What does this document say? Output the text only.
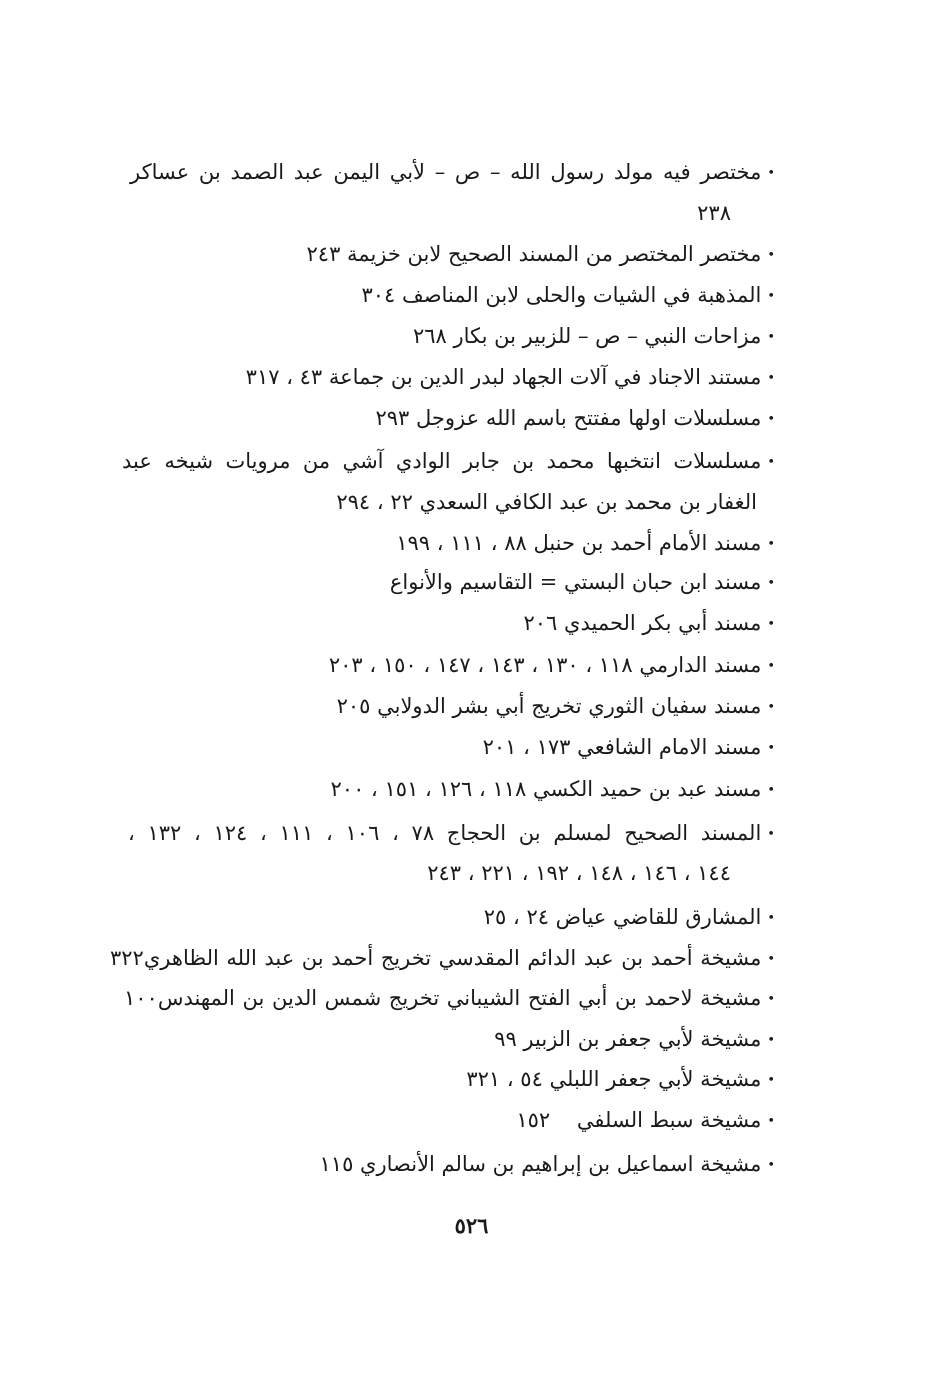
•مختصر فيه مولد رسول الله – ص – لأبي اليمن عبد الصمد بن عساكر
٢٣٨
•مختصر المختصر من المسند الصحيح لابن خزيمة ٢٤٣
•المذهبة في الشيات والحلى لابن المناصف ٣٠٤
•مزاحات النبي – ص – للزبير بن بكار ٢٦٨
•مستند الاجناد في آلات الجهاد لبدر الدين بن جماعة ٤٣ ، ٣١٧
•مسلسلات اولها مفتتح باسم الله عزوجل ٢٩٣
•مسلسلات انتخبها محمد بن جابر الوادي آشي من مرويات شيخه عبد
الغفار بن محمد بن عبد الكافي السعدي ٢٢ ، ٢٩٤
•مسند الأمام أحمد بن حنبل ٨٨ ، ١١١ ، ١٩٩
•مسند ابن حبان البستي = التقاسيم والأنواع
•مسند أبي بكر الحميدي ٢٠٦
•مسند الدارمي ١١٨ ، ١٣٠ ، ١٤٣ ، ١٤٧ ، ١٥٠ ، ٢٠٣
•مسند سفيان الثوري تخريج أبي بشر الدولابي ٢٠٥
•مسند الامام الشافعي ١٧٣ ، ٢٠١
•مسند عبد بن حميد الكسي ١١٨ ، ١٢٦ ، ١٥١ ، ٢٠٠
•المسند الصحيح لمسلم بن الحجاج ٧٨ ، ١٠٦ ، ١١١ ، ١٢٤ ، ١٣٢ ،
١٤٤ ، ١٤٦ ، ١٤٨ ، ١٩٢ ، ٢٢١ ، ٢٤٣
•المشارق للقاضي عياض ٢٤ ، ٢٥
•مشيخة أحمد بن عبد الدائم المقدسي تخريج أحمد بن عبد الله الظاهري٣٢٢
•مشيخة لاحمد بن أبي الفتح الشيباني تخريج شمس الدين بن المهندس١٠٠
•مشيخة لأبي جعفر بن الزبير ٩٩
•مشيخة لأبي جعفر اللبلي ٥٤ ، ٣٢١
•مشيخة سبط السلفي    ١٥٢
•مشيخة اسماعيل بن إبراهيم بن سالم الأنصاري ١١٥
٥٢٦
